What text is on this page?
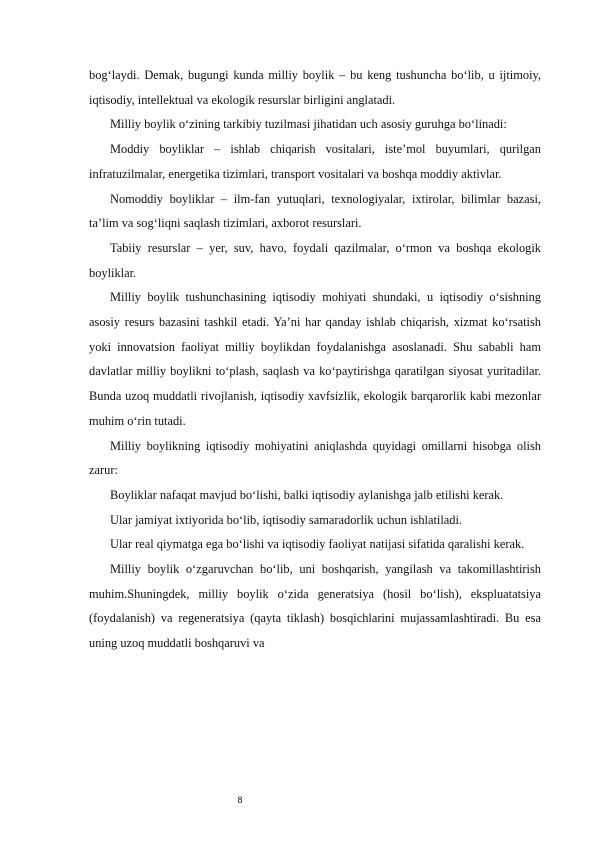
bog‘laydi. Demak, bugungi kunda milliy boylik – bu keng tushuncha bo‘lib, u ijtimoiy, iqtisodiy, intellektual va ekologik resurslar birligini anglatadi.

Milliy boylik o‘zining tarkibiy tuzilmasi jihatidan uch asosiy guruhga bo‘linadi:

Moddiy boyliklar – ishlab chiqarish vositalari, iste’mol buyumlari, qurilgan infratuzilmalar, energetika tizimlari, transport vositalari va boshqa moddiy aktivlar.

Nomoddiy boyliklar – ilm-fan yutuqlari, texnologiyalar, ixtirolar, bilimlar bazasi, ta’lim va sog‘liqni saqlash tizimlari, axborot resurslari.

Tabiiy resurslar – yer, suv, havo, foydali qazilmalar, o‘rmon va boshqa ekologik boyliklar.

Milliy boylik tushunchasining iqtisodiy mohiyati shundaki, u iqtisodiy o‘sishning asosiy resurs bazasini tashkil etadi. Ya’ni har qanday ishlab chiqarish, xizmat ko‘rsatish yoki innovatsion faoliyat milliy boylikdan foydalanishga asoslanadi. Shu sababli ham davlatlar milliy boylikni to‘plash, saqlash va ko‘paytirishga qaratilgan siyosat yuritadilar. Bunda uzoq muddatli rivojlanish, iqtisodiy xavfsizlik, ekologik barqarorlik kabi mezonlar muhim o‘rin tutadi.

Milliy boylikning iqtisodiy mohiyatini aniqlashda quyidagi omillarni hisobga olish zarur:

Boyliklar nafaqat mavjud bo‘lishi, balki iqtisodiy aylanishga jalb etilishi kerak.

Ular jamiyat ixtiyorida bo‘lib, iqtisodiy samaradorlik uchun ishlatiladi.

Ular real qiymatga ega bo‘lishi va iqtisodiy faoliyat natijasi sifatida qaralishi kerak.

Milliy boylik o‘zgaruvchan bo‘lib, uni boshqarish, yangilash va takomillashtirish muhim.Shuningdek, milliy boylik o‘zida generatsiya (hosil bo‘lish), ekspluatatsiya (foydalanish) va regeneratsiya (qayta tiklash) bosqichlarini mujassamlashtiradi. Bu esa uning uzoq muddatli boshqaruvi va

8
